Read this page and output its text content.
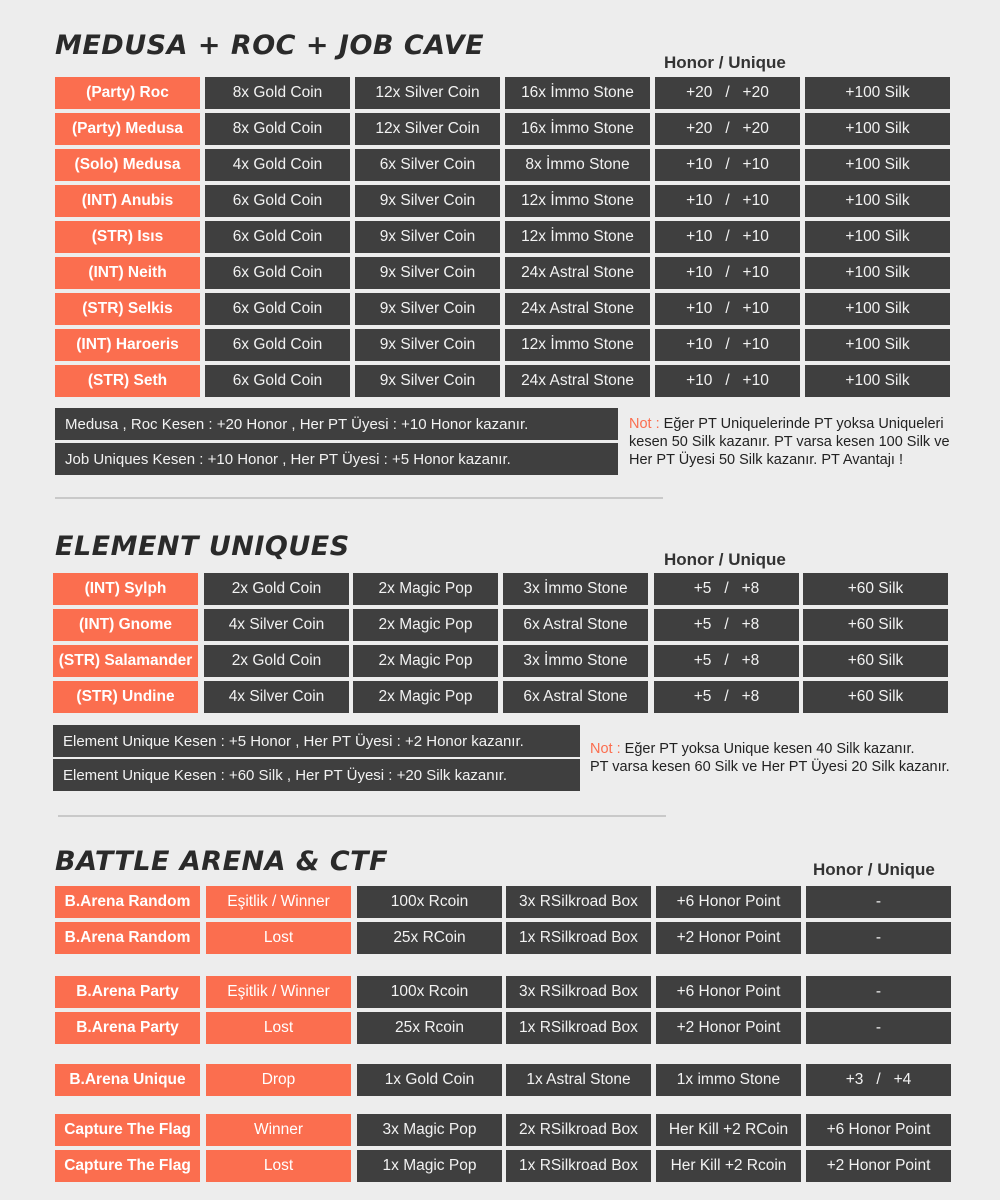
MEDUSA + ROC + JOB CAVE
Honor / Unique
ELEMENT UNIQUES	Honor / Unique
BATTLE ARENA & CTF	Honor / Unique
(Party) Roc	8x Gold Coin	12x Silver Coin	16x İmmo Stone	+20   /   +20	+100 Silk
(Party) Medusa	8x Gold Coin	12x Silver Coin	16x İmmo Stone	+20   /   +20	+100 Silk
(Solo) Medusa	4x Gold Coin	6x Silver Coin	8x İmmo Stone	+10   /   +10	+100 Silk
(INT) Anubis	6x Gold Coin	9x Silver Coin	12x İmmo Stone	+10   /   +10	+100 Silk
(STR) Isıs	6x Gold Coin	9x Silver Coin	12x İmmo Stone	+10   /   +10	+100 Silk
(INT) Neith	6x Gold Coin	9x Silver Coin	24x Astral Stone	+10   /   +10	+100 Silk
(STR) Selkis	6x Gold Coin	9x Silver Coin	24x Astral Stone	+10   /   +10	+100 Silk
(INT) Haroeris	6x Gold Coin	9x Silver Coin	12x İmmo Stone	+10   /   +10	+100 Silk
(STR) Seth	6x Gold Coin	9x Silver Coin	24x Astral Stone	+10   /   +10	+100 Silk
(INT) Sylph	2x Gold Coin	2x Magic Pop	3x İmmo Stone	+5   /   +8	+60 Silk
(INT) Gnome	4x Silver Coin	2x Magic Pop	6x Astral Stone	+5   /   +8	+60 Silk
(STR) Salamander	2x Gold Coin	2x Magic Pop	3x İmmo Stone	+5   /   +8	+60 Silk
(STR) Undine	4x Silver Coin	2x Magic Pop	6x Astral Stone	+5   /   +8	+60 Silk
B.Arena Random	Eşitlik / Winner	100x Rcoin	3x RSilkroad Box	+6 Honor Point	-
B.Arena Random	Lost	25x RCoin	1x RSilkroad Box	+2 Honor Point	-
B.Arena Party	Eşitlik / Winner	100x Rcoin	3x RSilkroad Box	+6 Honor Point	-
B.Arena Party	Lost	25x Rcoin	1x RSilkroad Box	+2 Honor Point	-
B.Arena Unique	Drop	1x Gold Coin	1x Astral Stone	1x immo Stone	+3   /   +4
Capture The Flag	Winner	3x Magic Pop	2x RSilkroad Box	Her Kill +2 RCoin	+6 Honor Point
Capture The Flag	Lost	1x Magic Pop	1x RSilkroad Box	Her Kill +2 Rcoin	+2 Honor Point
Medusa , Roc Kesen : +20 Honor , Her PT Üyesi : +10 Honor kazanır.
Job Uniques Kesen : +10 Honor , Her PT Üyesi : +5 Honor kazanır.
Not : Eğer PT Uniquelerinde PT yoksa Uniqueleri
kesen 50 Silk kazanır. PT varsa kesen 100 Silk ve
Her PT Üyesi 50 Silk kazanır. PT Avantajı !
Element Unique Kesen : +5 Honor , Her PT Üyesi : +2 Honor kazanır.
Element Unique Kesen : +60 Silk , Her PT Üyesi : +20 Silk kazanır.
Not : Eğer PT yoksa Unique kesen 40 Silk kazanır.
PT varsa kesen 60 Silk ve Her PT Üyesi 20 Silk kazanır.
